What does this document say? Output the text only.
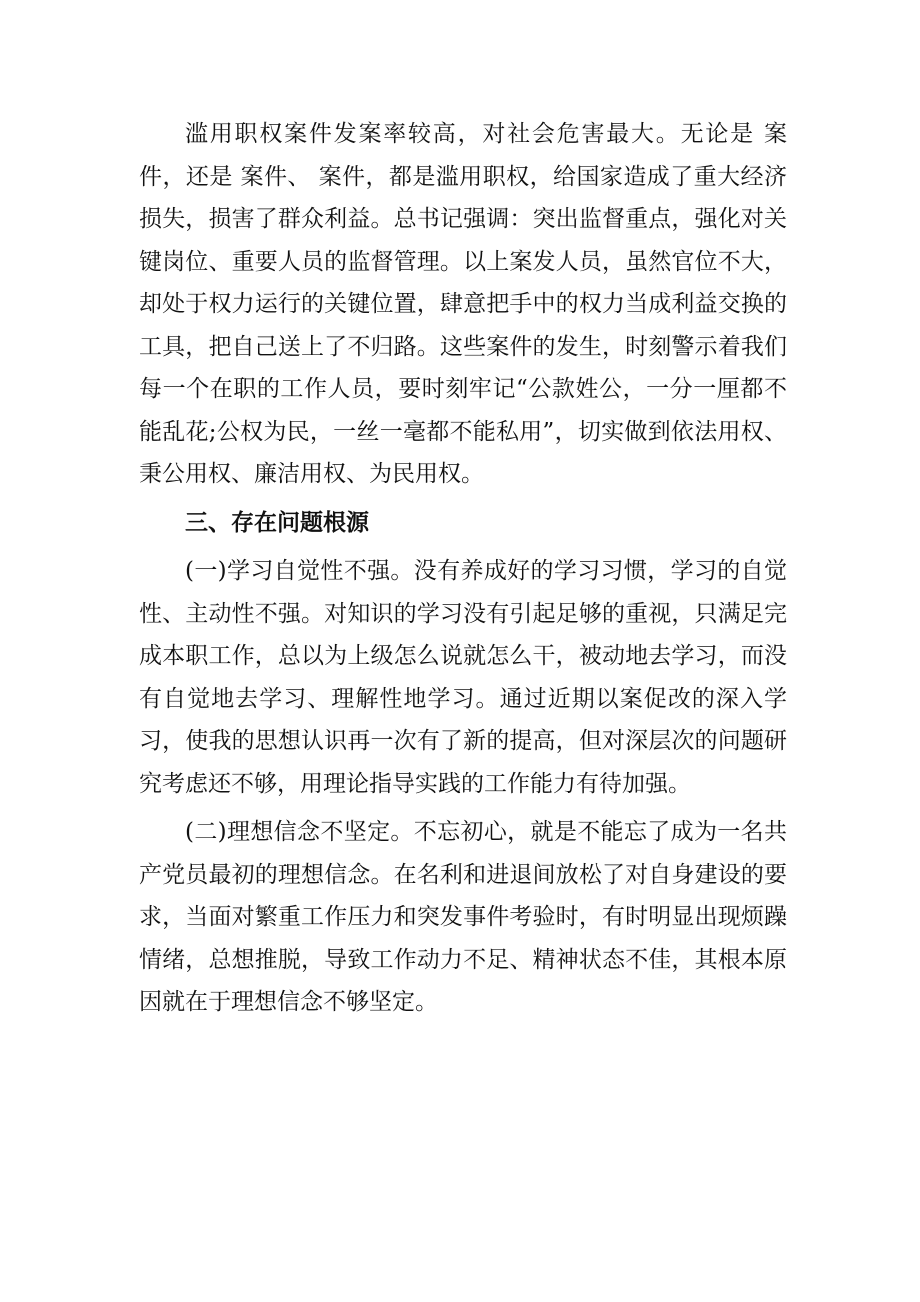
滥用职权案件发案率较高，对社会危害最大。无论是 案件，还是 案件、 案件，都是滥用职权，给国家造成了重大经济损失，损害了群众利益。总书记强调：突出监督重点，强化对关键岗位、重要人员的监督管理。以上案发人员，虽然官位不大，却处于权力运行的关键位置，肆意把手中的权力当成利益交换的工具，把自己送上了不归路。这些案件的发生，时刻警示着我们每一个在职的工作人员，要时刻牢记“公款姓公，一分一厘都不能乱花;公权为民，一丝一毫都不能私用”，切实做到依法用权、秉公用权、廉洁用权、为民用权。

三、存在问题根源

(一)学习自觉性不强。没有养成好的学习习惯，学习的自觉性、主动性不强。对知识的学习没有引起足够的重视，只满足完成本职工作，总以为上级怎么说就怎么干，被动地去学习，而没有自觉地去学习、理解性地学习。通过近期以案促改的深入学习，使我的思想认识再一次有了新的提高，但对深层次的问题研究考虑还不够，用理论指导实践的工作能力有待加强。

(二)理想信念不坚定。不忘初心，就是不能忘了成为一名共产党员最初的理想信念。在名利和进退间放松了对自身建设的要求，当面对繁重工作压力和突发事件考验时，有时明显出现烦躁情绪，总想推脱，导致工作动力不足、精神状态不佳，其根本原因就在于理想信念不够坚定。
